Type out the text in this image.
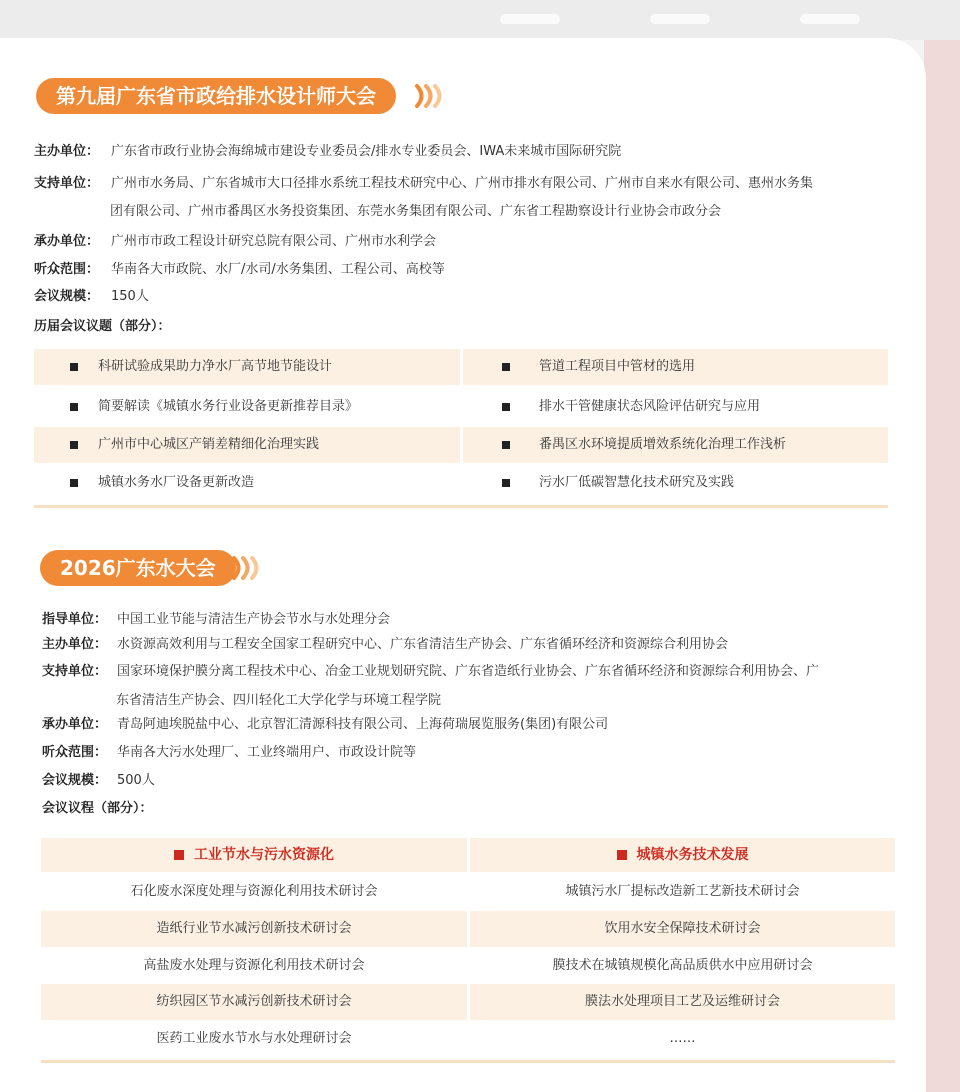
第九届广东省市政给排水设计师大会
主办单位： 广东省市政行业协会海绵城市建设专业委员会/排水专业委员会、IWA未来城市国际研究院
支持单位： 广州市水务局、广东省城市大口径排水系统工程技术研究中心、广州市排水有限公司、广州市自来水有限公司、惠州水务集
团有限公司、广州市番禺区水务投资集团、东莞水务集团有限公司、广东省工程勘察设计行业协会市政分会
承办单位： 广州市市政工程设计研究总院有限公司、广州市水利学会
听众范围： 华南各大市政院、水厂/水司/水务集团、工程公司、高校等
会议规模： 150人
历届会议议题（部分）：
科研试验成果助力净水厂高节地节能设计	管道工程项目中管材的选用
简要解读《城镇水务行业设备更新推荐目录》	排水干管健康状态风险评估研究与应用
广州市中心城区产销差精细化治理实践	番禺区水环境提质增效系统化治理工作浅析
城镇水务水厂设备更新改造	污水厂低碳智慧化技术研究及实践
2026广东水大会
指导单位： 中国工业节能与清洁生产协会节水与水处理分会
主办单位： 水资源高效利用与工程安全国家工程研究中心、广东省清洁生产协会、广东省循环经济和资源综合利用协会
支持单位： 国家环境保护膜分离工程技术中心、冶金工业规划研究院、广东省造纸行业协会、广东省循环经济和资源综合利用协会、广
东省清洁生产协会、四川轻化工大学化学与环境工程学院
承办单位： 青岛阿迪埃脱盐中心、北京智汇清源科技有限公司、上海荷瑞展览服务(集团)有限公司
听众范围： 华南各大污水处理厂、工业终端用户、市政设计院等
会议规模： 500人
会议议程（部分）：
工业节水与污水资源化	城镇水务技术发展
石化废水深度处理与资源化利用技术研讨会	城镇污水厂提标改造新工艺新技术研讨会
造纸行业节水减污创新技术研讨会	饮用水安全保障技术研讨会
高盐废水处理与资源化利用技术研讨会	膜技术在城镇规模化高品质供水中应用研讨会
纺织园区节水减污创新技术研讨会	膜法水处理项目工艺及运维研讨会
医药工业废水节水与水处理研讨会	……
